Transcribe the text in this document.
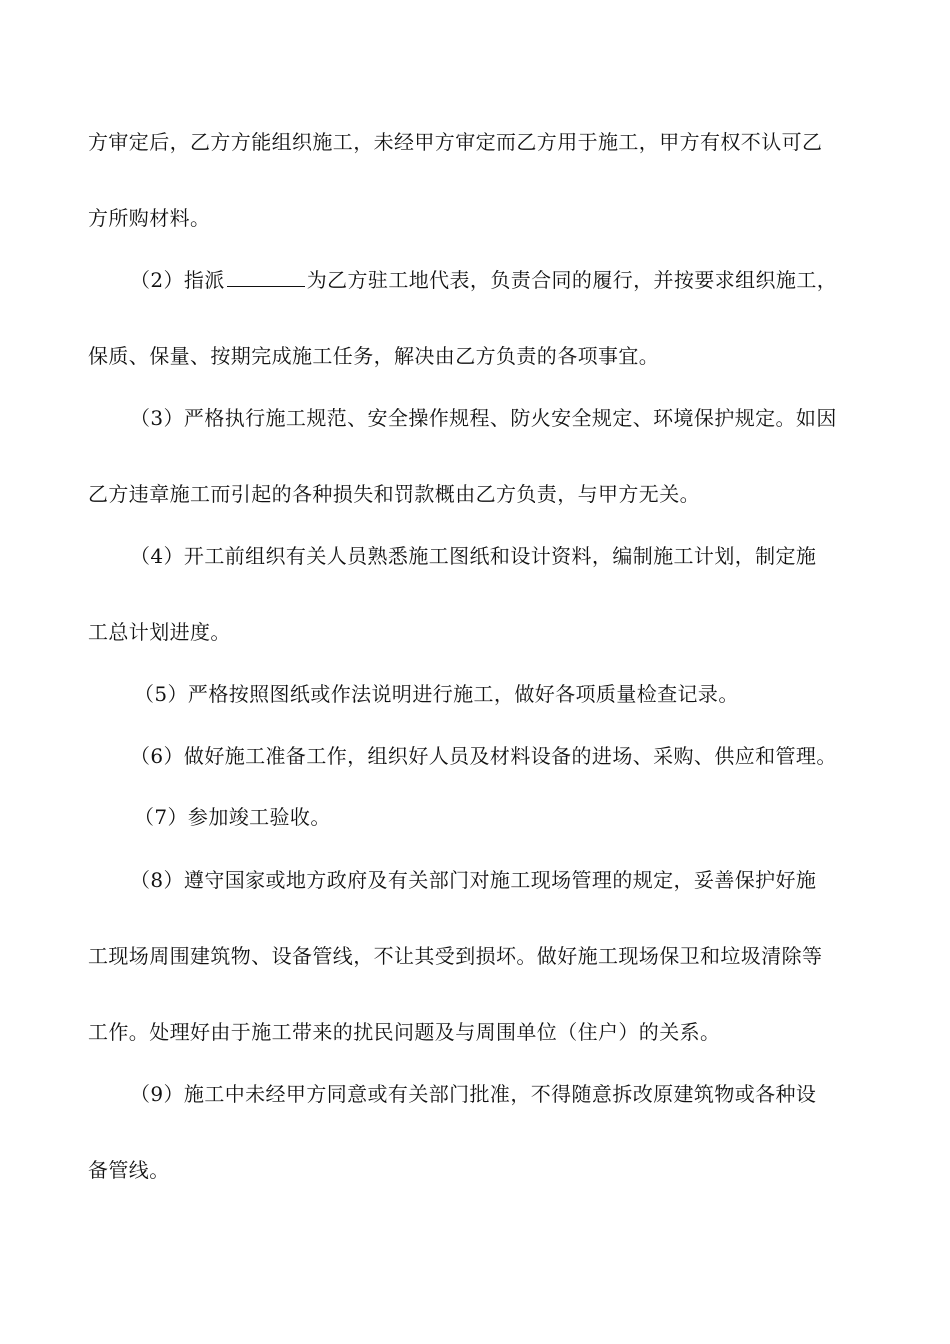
方审定后，乙方方能组织施工，未经甲方审定而乙方用于施工，甲方有权不认可乙
方所购材料。
（2）指派	为乙方驻工地代表，负责合同的履行，并按要求组织施工，
保质、保量、按期完成施工任务，解决由乙方负责的各项事宜。
（3）严格执行施工规范、安全操作规程、防火安全规定、环境保护规定。如因
乙方违章施工而引起的各种损失和罚款概由乙方负责，与甲方无关。
（4）开工前组织有关人员熟悉施工图纸和设计资料，编制施工计划，制定施
工总计划进度。
（5）严格按照图纸或作法说明进行施工，做好各项质量检查记录。
（6）做好施工准备工作，组织好人员及材料设备的进场、采购、供应和管理。
（7）参加竣工验收。
（8）遵守国家或地方政府及有关部门对施工现场管理的规定，妥善保护好施
工现场周围建筑物、设备管线，不让其受到损坏。做好施工现场保卫和垃圾清除等
工作。处理好由于施工带来的扰民问题及与周围单位（住户）的关系。
（9）施工中未经甲方同意或有关部门批准，不得随意拆改原建筑物或各种设
备管线。
